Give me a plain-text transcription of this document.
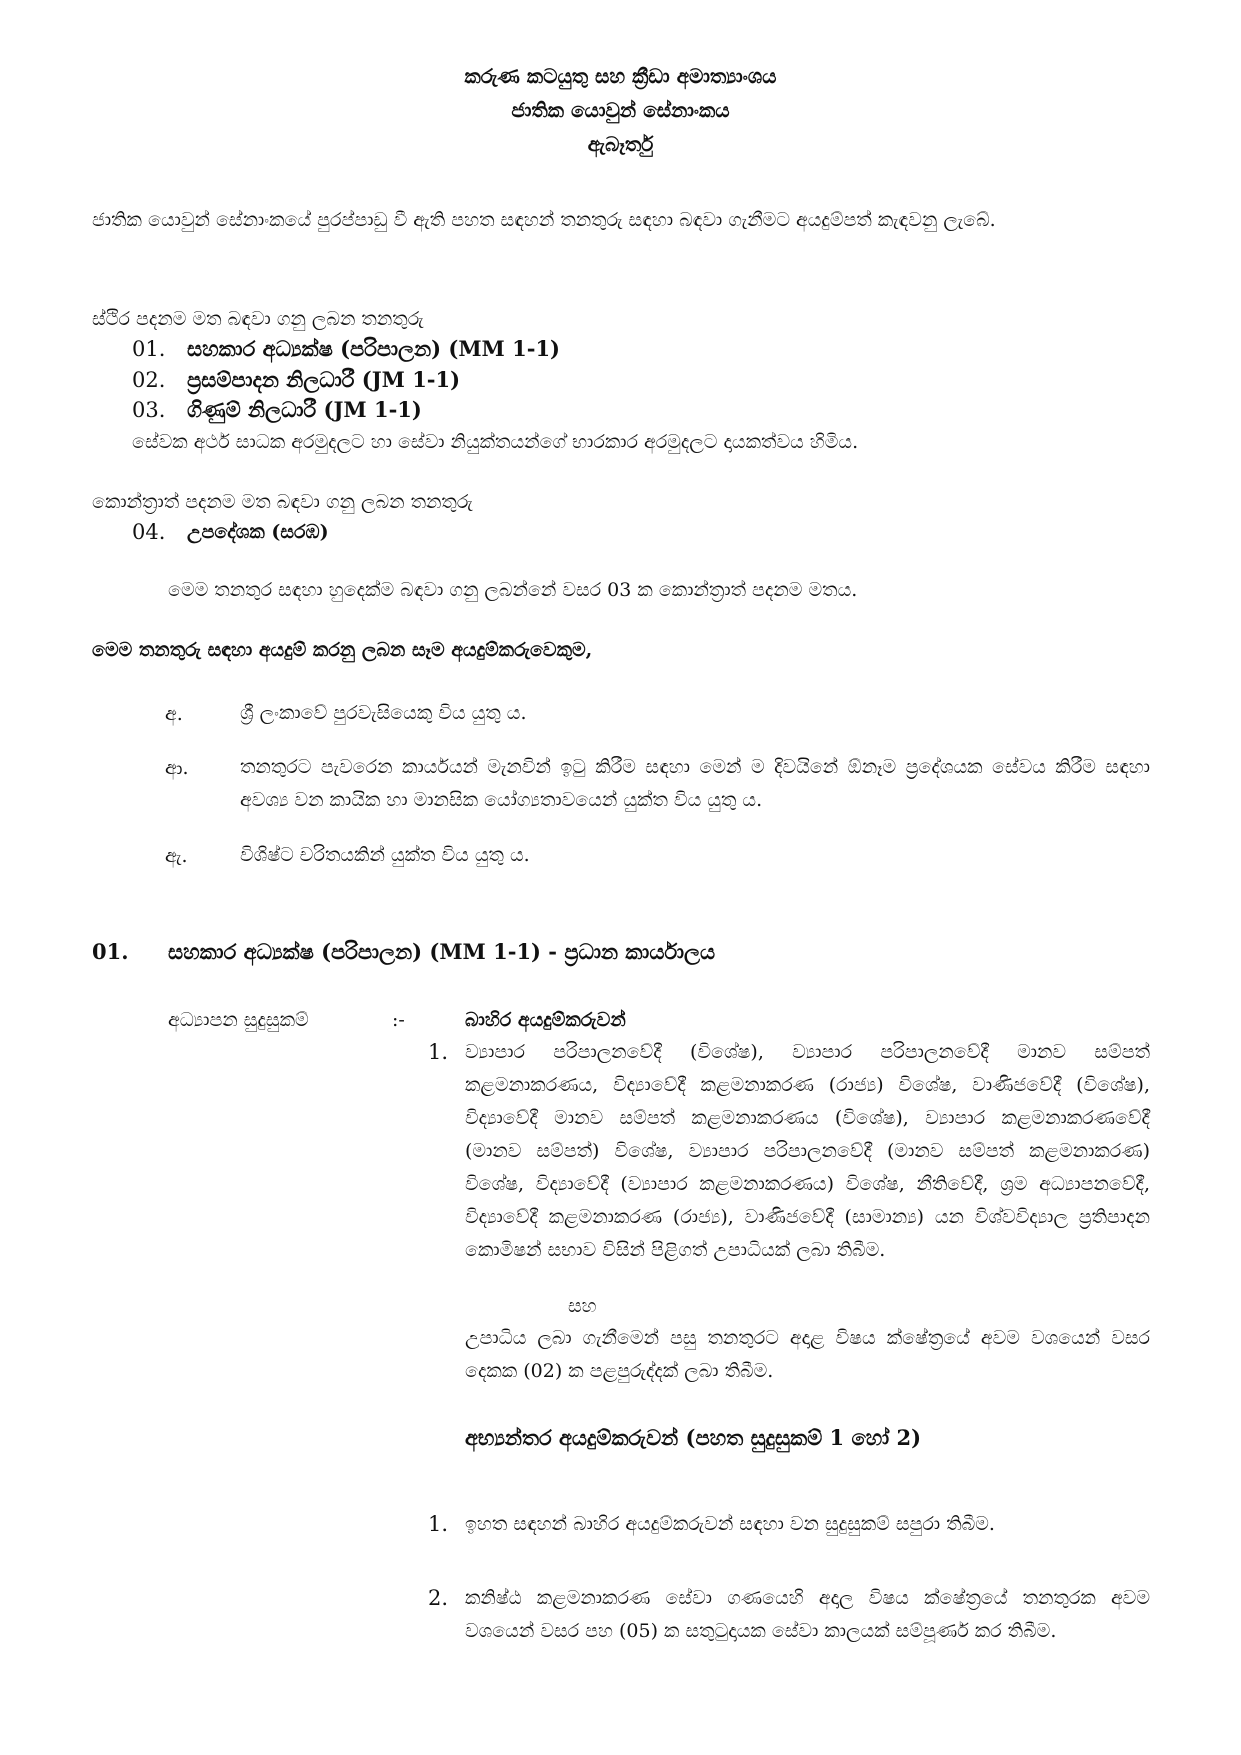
කරුණ කටයුතු සහ ක්‍රීඩා අමාත්‍යාංශය
ජාතික යොවුන් සේනාංකය
ඇබෑර්තු
ජාතික යොවුන් සේනාංකයේ පුරප්පාඩු වී ඇති පහත සඳහන් තනතුරු සඳහා බඳවා ගැනීමට අයදුම්පත් කැඳවනු ලැබේ.
ස්ථිර පදනම මත බඳවා ගනු ලබන තනතුරු
01. සහකාර අධ්‍යක්ෂ (පරිපාලන) (MM 1-1)
02. ප්‍රසම්පාදන නිලධාරී (JM 1-1)
03. ගිණුම් නිලධාරී (JM 1-1)
සේවක අර්ථ සාධක අරමුදලට හා සේවා නියුක්තයන්ගේ භාරකාර අරමුදලට දායකත්වය හිමිය.
කොන්ත්‍රාත් පදනම මත බඳවා ගනු ලබන තනතුරු
04. උපදේශක (සරඹ)
මෙම තනතුර සඳහා හුදෙක්ම බඳවා ගනු ලබන්නේ වසර 03 ක කොන්ත්‍රාත් පදනම මතය.
මෙම තනතුරු සඳහා අයදුම් කරනු ලබන සෑම අයදුම්කරුවෙකුම,
අ.	ශ්‍රී ලංකාවේ පුරවැසියෙකු විය යුතු ය.
ආ.	තනතුරට පැවරෙන කාර්යයන් මැනවින් ඉටු කිරීම සඳහා මෙන් ම දිවයිනේ ඕනෑම ප්‍රදේශයක සේවය කිරීම සඳහා අවශ්‍ය වන කායික හා මානසික යෝග්‍යතාවයෙන් යුක්ත විය යුතු ය.
ඇ.	විශිෂ්ට චරිතයකින් යුක්ත විය යුතු ය.
01. සහකාර අධ්‍යක්ෂ (පරිපාලන) (MM 1-1) - ප්‍රධාන කාර්යාලය
අධ්‍යාපන සුදුසුකම්	:-	බාහිර අයදුම්කරුවන්
1. ව්‍යාපාර පරිපාලනවේදී (විශේෂ), ව්‍යාපාර පරිපාලනවේදී මානව සම්පත් කළමනාකරණය, විද්‍යාවේදී කළමනාකරණ (රාජ්‍ය) විශේෂ, වාණිජවේදී (විශේෂ), විද්‍යාවේදී මානව සම්පත් කළමනාකරණය (විශේෂ), ව්‍යාපාර කළමනාකරණවේදී (මානව සම්පත්) විශේෂ, ව්‍යාපාර පරිපාලනවේදී (මානව සම්පත් කළමනාකරණ) විශේෂ, විද්‍යාවේදී (ව්‍යාපාර කළමනාකරණය) විශේෂ, නීතිවේදී, ශ්‍රම අධ්‍යාපනවේදී, විද්‍යාවේදී කළමනාකරණ (රාජ්‍ය), වාණිජවේදී (සාමාන්‍ය) යන විශ්වවිද්‍යාල ප්‍රතිපාදන කොමිෂන් සභාව විසින් පිළිගත් උපාධියක් ලබා තිබීම.
සහ
උපාධිය ලබා ගැනීමෙන් පසු තනතුරට අදාළ විෂය ක්ෂේත්‍රයේ අවම වශයෙන් වසර දෙකක (02) ක පළපුරුද්දක් ලබා තිබීම.
අභ්‍යන්තර අයදුම්කරුවන් (පහත සුදුසුකම් 1 හෝ 2)
1. ඉහත සඳහන් බාහිර අයදුම්කරුවන් සඳහා වන සුදුසුකම් සපුරා තිබීම.
2. කනිෂ්ඨ කළමනාකරණ සේවා ගණයෙහි අදාල විෂය ක්ෂේත්‍රයේ තනතුරක අවම වශයෙන් වසර පහ (05) ක සතුටුදායක සේවා කාලයක් සම්පූර්ණ කර තිබීම.
